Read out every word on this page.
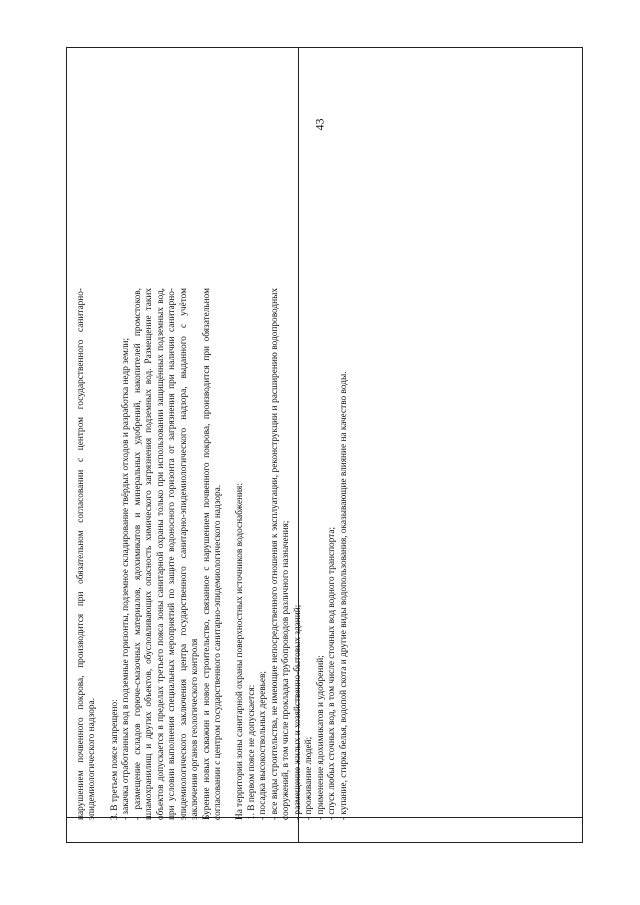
43

нарушением почвенного покрова, производится при обязательном согласовании с центром государственного санитарно-эпидемиологического надзора. 3. В третьем поясе запрещено: - закачка отработанных вод в подземные горизонты, подземное складирование твёрдых отходов и разработка недр земли; - размещение складов горюче-смазочных материалов, ядохимикатов и минеральных удобрений, накопителей промстоков, шламохранилищ и других объектов, обусловливающих опасность химического загрязнения подземных вод. Размещение таких объектов допускается в пределах третьего пояса зоны санитарной охраны только при использовании защищённых подземных вод, при условии выполнения специальных мероприятий по защите водоносного горизонта от загрязнения при наличии санитарно-эпидемиологического заключения центра государственного санитарно-эпидемиологического надзора, выданного с учётом заключения органов геологического контроля Бурение новых скважин и новое строительство, связанное с нарушением почвенного покрова, производится при обязательном согласовании с центром государственного санитарно-эпидемиологического надзора. На территории зоны санитарной охраны поверхностных источников водоснабжения: 1. В первом поясе не допускается: - посадка высокоствольных деревьев; - все виды строительства, не имеющие непосредственного отношения к эксплуатации, реконструкции и расширению водопроводных сооружений, в том числе прокладка трубопроводов различного назначения; - размещение жилых и хозяйственно-бытовых зданий; - проживание людей; - применение ядохимикатов и удобрений; - спуск любых сточных вод, в том числе сточных вод водного транспорта; - купание, стирка белья, водопой скота и другие виды водопользования, оказывающие влияние на качество воды.
